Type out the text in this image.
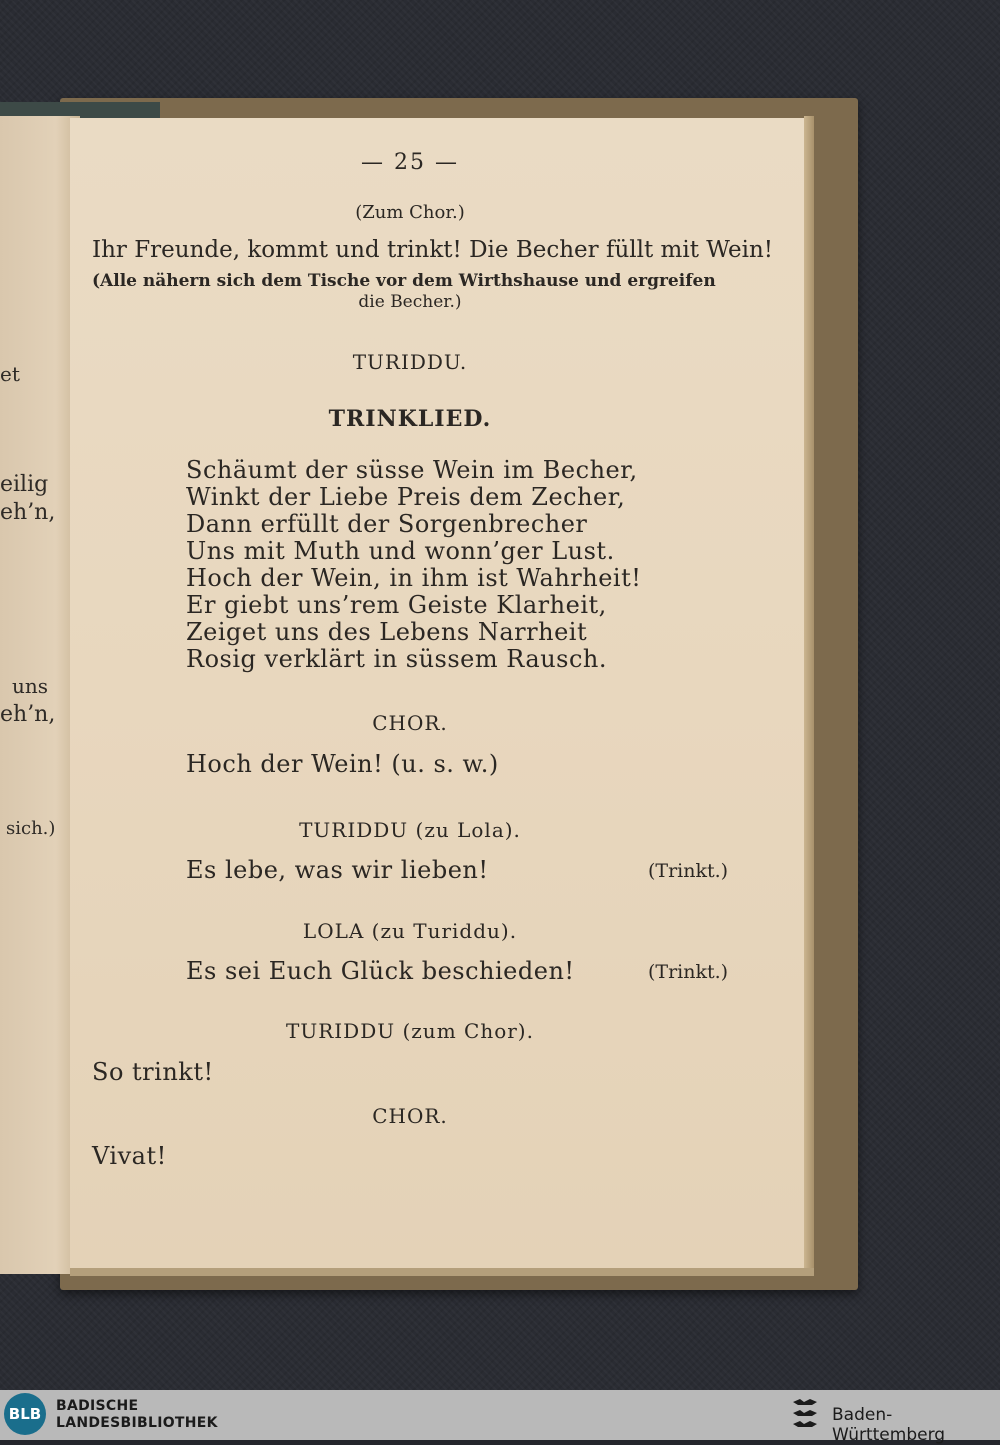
et
eilig
eh’n,
uns
eh’n,
sich.)
— 25 —
(Zum Chor.)
Ihr Freunde, kommt und trinkt! Die Becher füllt mit Wein!
(Alle nähern sich dem Tische vor dem Wirthshause und ergreifen
die Becher.)
TURIDDU.
TRINKLIED.
Schäumt der süsse Wein im Becher,
Winkt der Liebe Preis dem Zecher,
Dann erfüllt der Sorgenbrecher
Uns mit Muth und wonn’ger Lust.
Hoch der Wein, in ihm ist Wahrheit!
Er giebt uns’rem Geiste Klarheit,
Zeiget uns des Lebens Narrheit
Rosig verklärt in süssem Rausch.
CHOR.
Hoch der Wein! (u. s. w.)
TURIDDU (zu Lola).
Es lebe, was wir lieben!	(Trinkt.)
LOLA (zu Turiddu).
Es sei Euch Glück beschieden!	(Trinkt.)
TURIDDU (zum Chor).
So trinkt!
CHOR.
Vivat!
BLB	BADISCHE
LANDESBIBLIOTHEK	Baden-Württemberg
